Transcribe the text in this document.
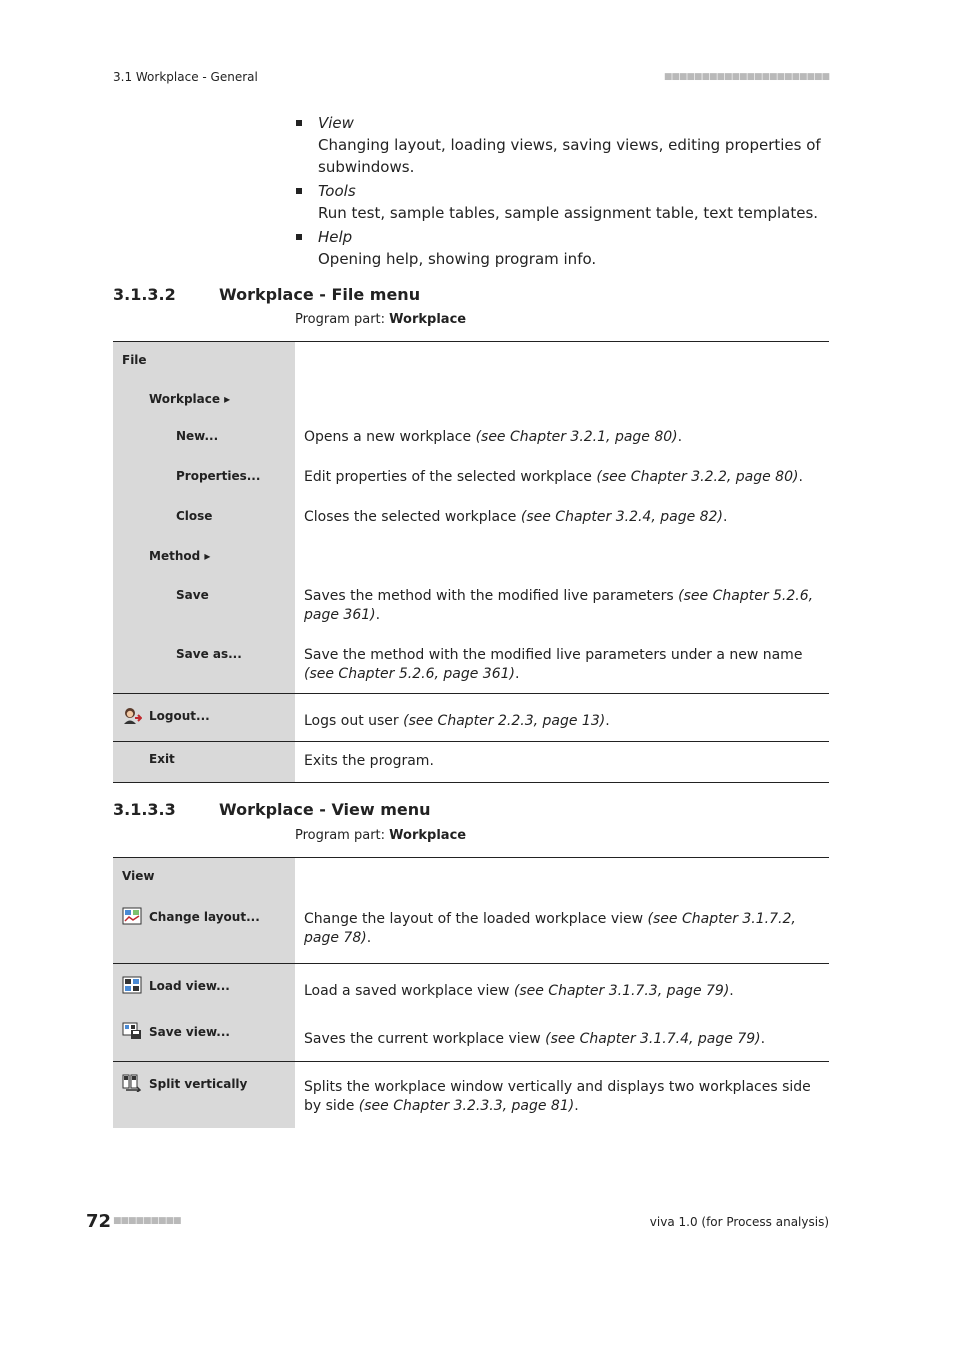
3.1 Workplace - General	■■■■■■■■■■■■■■■■■■■■■■
View
Changing layout, loading views, saving views, editing properties of subwindows.
Tools
Run test, sample tables, sample assignment table, text templates.
Help
Opening help, showing program info.
3.1.3.2	Workplace - File menu
Program part: Workplace
File	

Workplace ▸	

New...	Opens a new workplace (see Chapter 3.2.1, page 80).

Properties...	Edit properties of the selected workplace (see Chapter 3.2.2, page 80).

Close	Closes the selected workplace (see Chapter 3.2.4, page 82).

Method ▸	

Save	Saves the method with the modified live parameters (see Chapter 5.2.6, page 361).

Save as...	Save the method with the modified live parameters under a new name (see Chapter 5.2.6, page 361).

Logout...	Logs out user (see Chapter 2.2.3, page 13).

Exit	Exits the program.
3.1.3.3	Workplace - View menu
Program part: Workplace
View	

Change layout...	Change the layout of the loaded workplace view (see Chapter 3.1.7.2, page 78).

Load view...	Load a saved workplace view (see Chapter 3.1.7.3, page 79).

Save view...	Saves the current workplace view (see Chapter 3.1.7.4, page 79).

Split vertically	Splits the workplace window vertically and displays two workplaces side by side (see Chapter 3.2.3.3, page 81).
72 ■■■■■■■■■	viva 1.0 (for Process analysis)
